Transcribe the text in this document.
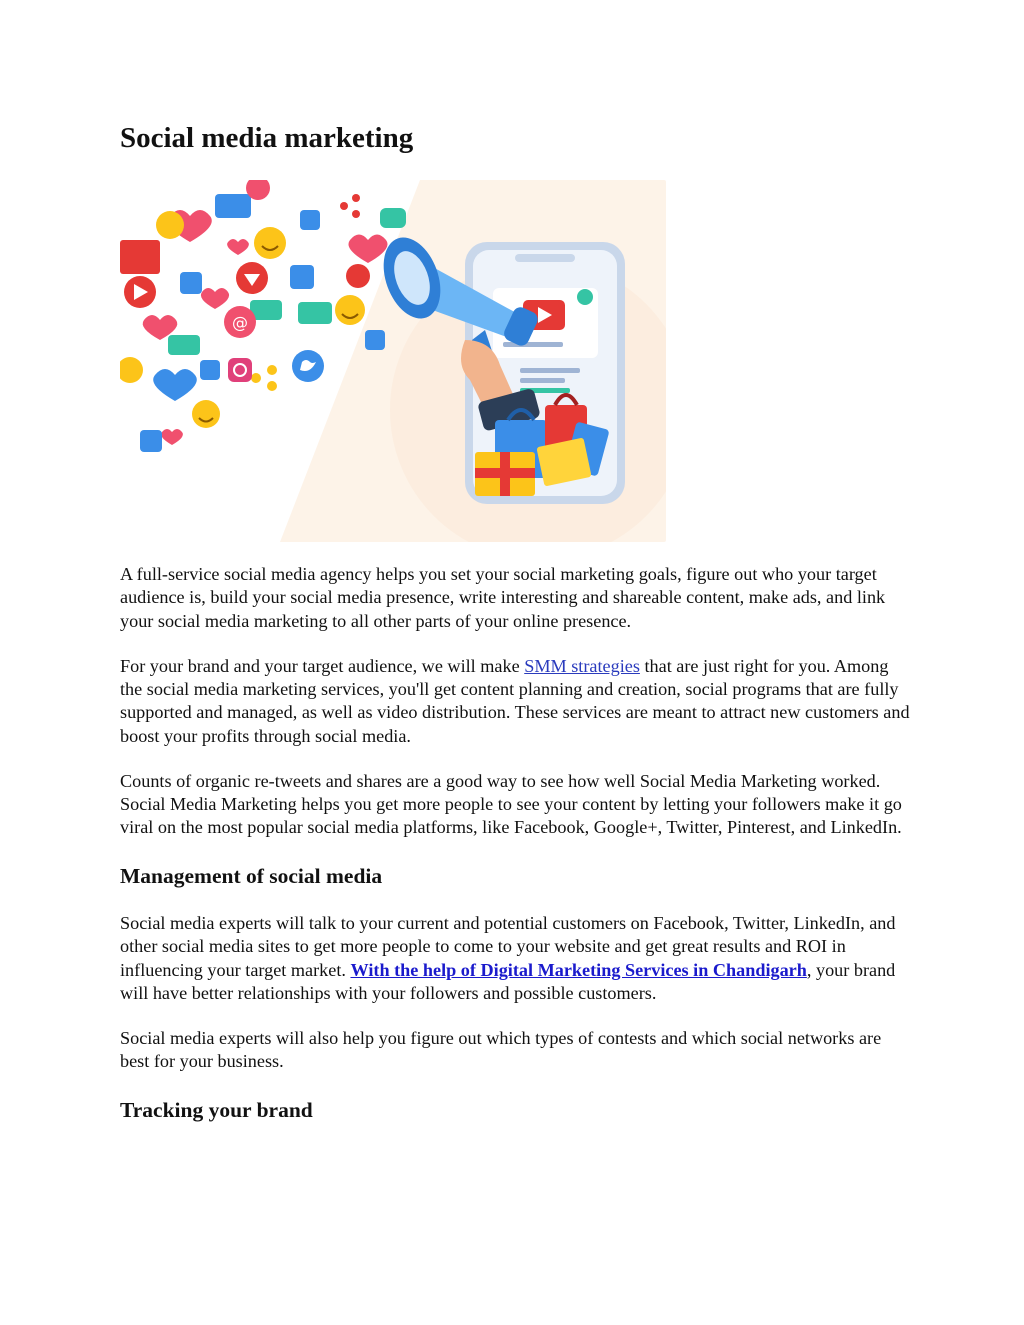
Social media marketing
@

A full-service social media agency helps you set your social marketing goals, figure out who your target audience is, build your social media presence, write interesting and shareable content, make ads, and link your social media marketing to all other parts of your online presence.

For your brand and your target audience, we will make SMM strategies that are just right for you. Among the social media marketing services, you'll get content planning and creation, social programs that are fully supported and managed, as well as video distribution. These services are meant to attract new customers and boost your profits through social media.

Counts of organic re-tweets and shares are a good way to see how well Social Media Marketing worked. Social Media Marketing helps you get more people to see your content by letting your followers make it go viral on the most popular social media platforms, like Facebook, Google+, Twitter, Pinterest, and LinkedIn.

Management of social media

Social media experts will talk to your current and potential customers on Facebook, Twitter, LinkedIn, and other social media sites to get more people to come to your website and get great results and ROI in influencing your target market. With the help of Digital Marketing Services in Chandigarh, your brand will have better relationships with your followers and possible customers.

Social media experts will also help you figure out which types of contests and which social networks are best for your business.

Tracking your brand
